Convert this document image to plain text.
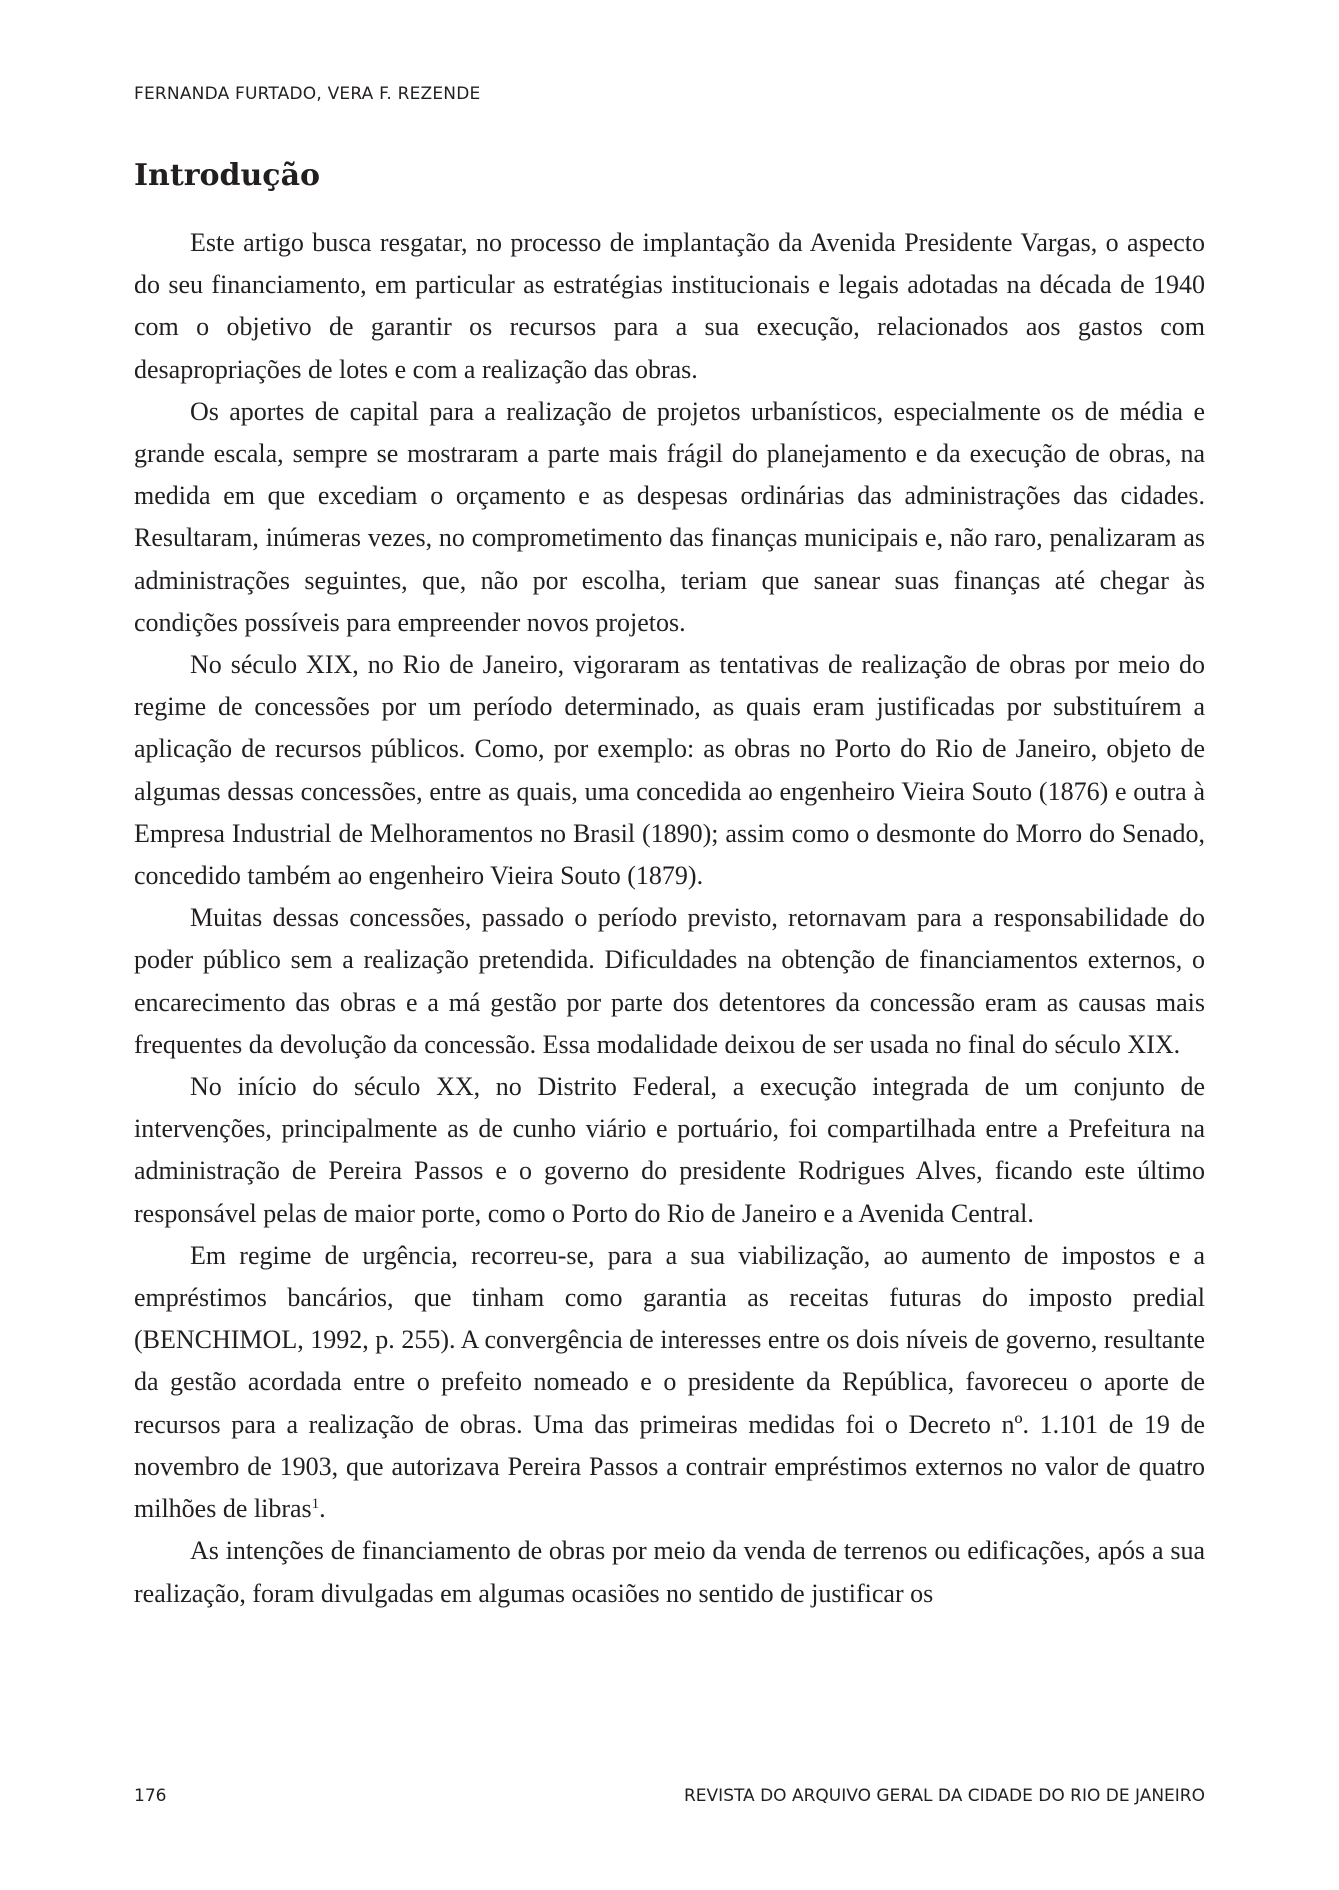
FERNANDA FURTADO, VERA F. REZENDE
Introdução

Este artigo busca resgatar, no processo de implantação da Avenida Presidente Vargas, o aspecto do seu financiamento, em particular as estratégias institucionais e legais adotadas na década de 1940 com o objetivo de garantir os recursos para a sua execução, relacionados aos gastos com desapropriações de lotes e com a realização das obras.

Os aportes de capital para a realização de projetos urbanísticos, especialmente os de média e grande escala, sempre se mostraram a parte mais frágil do planejamento e da execução de obras, na medida em que excediam o orçamento e as despesas ordinárias das administrações das cidades. Resultaram, inúmeras vezes, no comprometimento das finanças municipais e, não raro, penalizaram as administrações seguintes, que, não por escolha, teriam que sanear suas finanças até chegar às condições possíveis para empreender novos projetos.

No século XIX, no Rio de Janeiro, vigoraram as tentativas de realização de obras por meio do regime de concessões por um período determinado, as quais eram justificadas por substituírem a aplicação de recursos públicos. Como, por exemplo: as obras no Porto do Rio de Janeiro, objeto de algumas dessas concessões, entre as quais, uma concedida ao engenheiro Vieira Souto (1876) e outra à Empresa Industrial de Melhoramentos no Brasil (1890); assim como o desmonte do Morro do Senado, concedido também ao engenheiro Vieira Souto (1879).

Muitas dessas concessões, passado o período previsto, retornavam para a responsabilidade do poder público sem a realização pretendida. Dificuldades na obtenção de financiamentos externos, o encarecimento das obras e a má gestão por parte dos detentores da concessão eram as causas mais frequentes da devolução da concessão. Essa modalidade deixou de ser usada no final do século XIX.

No início do século XX, no Distrito Federal, a execução integrada de um conjunto de intervenções, principalmente as de cunho viário e portuário, foi compartilhada entre a Prefeitura na administração de Pereira Passos e o governo do presidente Rodrigues Alves, ficando este último responsável pelas de maior porte, como o Porto do Rio de Janeiro e a Avenida Central.

Em regime de urgência, recorreu-se, para a sua viabilização, ao aumento de impostos e a empréstimos bancários, que tinham como garantia as receitas futuras do imposto predial (BENCHIMOL, 1992, p. 255). A convergência de interesses entre os dois níveis de governo, resultante da gestão acordada entre o prefeito nomeado e o presidente da República, favoreceu o aporte de recursos para a realização de obras. Uma das primeiras medidas foi o Decreto nº. 1.101 de 19 de novembro de 1903, que autorizava Pereira Passos a contrair empréstimos externos no valor de quatro milhões de libras$^1$.

As intenções de financiamento de obras por meio da venda de terrenos ou edificações, após a sua realização, foram divulgadas em algumas ocasiões no sentido de justificar os

176	REVISTA DO ARQUIVO GERAL DA CIDADE DO RIO DE JANEIRO
